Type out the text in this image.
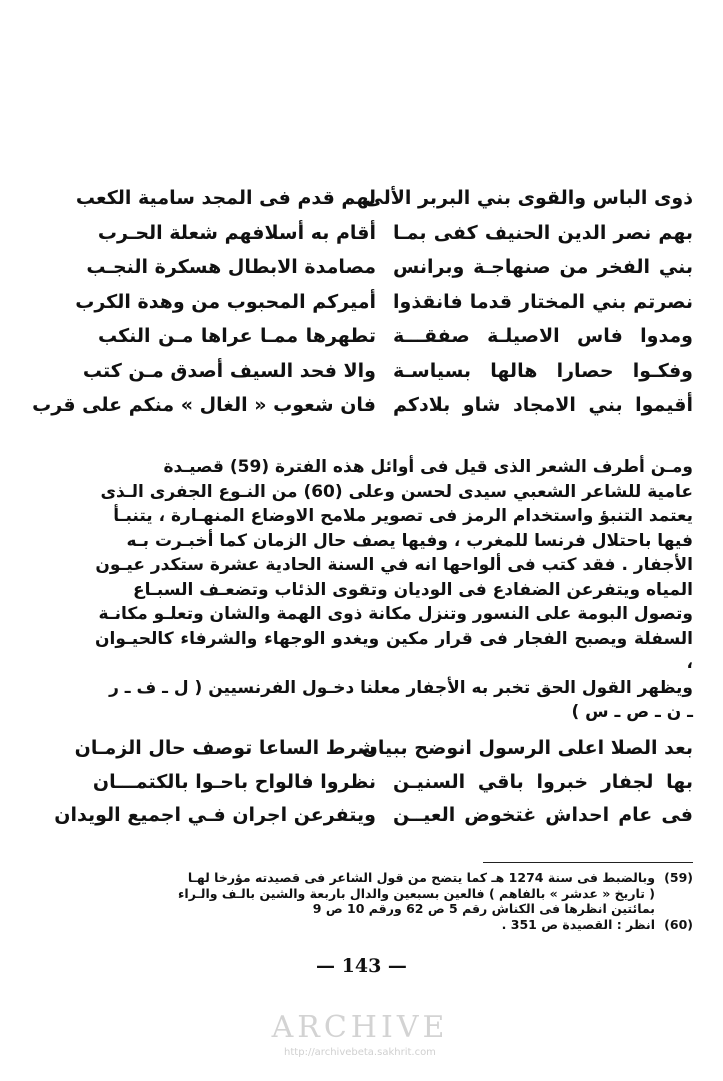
ذوى الباس والقوى بني البربر الألى
لهم قدم فى المجد سامية الكعب
بهم نصر الدين الحنيف كفى بمـا
أقام به أسلافهم شعلة الحـرب
بني الفخر من صنهاجـة وبرانس
مصامدة الابطال هسكرة النجـب
نصرتم بني المختار قدما فانقذوا
أميركم المحبوب من وهدة الكرب
ومدوا فاس الاصيلـة صفقـــة
تطهرها ممـا عراها مـن النكب
وفكـوا حصارا هالها بسياسـة
والا فحد السيف أصدق مـن كتب
أقيموا بني الامجاد شاو بلادكم
فان شعوب « الغال » منكم على قرب

ومـن أطرف الشعر الذى قيل فى أوائل هذه الفترة (59) قصيـدة

عامية للشاعر الشعبي سيدى لحسن وعلى (60) من النـوع الجفرى الـذى

يعتمد التنبؤ واستخدام الرمز فى تصوير ملامح الاوضاع المنهـارة ، يتنبـأ

فيها باحتلال فرنسا للمغرب ، وفيها يصف حال الزمان كما أخبـرت بـه

الأجفار . فقد كتب فى ألواحها انه في السنة الحادية عشرة ستكدر عيـون

المياه ويتفرعن الضفادع فى الوديان وتقوى الذئاب وتضعـف السبـاع

وتصول البومة على النسور وتنزل مكانة ذوى الهمة والشان وتعلـو مكانـة

السفلة ويصبح الفجار فى قرار مكين ويغدو الوجهاء والشرفاء كالحيـوان ،

ويظهر القول الحق تخبر به الأجفار معلنا دخـول الفرنسيين ( ل ـ ف ـ ر

ـ ن ـ ص ـ س )

بعد الصلا اعلى الرسول انوضح ببيان
شرط الساعا توصف حال الزمـان
بها لجفار خبروا باقي السنيـن
نظروا فالواح باحـوا بالكتمـــان
فى عام احداش غتخوض العيــن
ويتفرعن اجران فـي اجميع الويدان
(59)
وبالضبط فى سنة 1274 هـ كما يتضح من قول الشاعر فى قصيدته مؤرخا لهـا
( تاريخ « عدشر » بالفاهم ) فالعين بسبعين والدال باربعة والشين بالـف والـراء
بمائتين انظرها فى الكناش رقم 5 ص 62 ورقم 10 ص 9
(60)
انظر : القصيدة ص 351 .
— 143 —
ARCHIVE
http://archivebeta.sakhrit.com
